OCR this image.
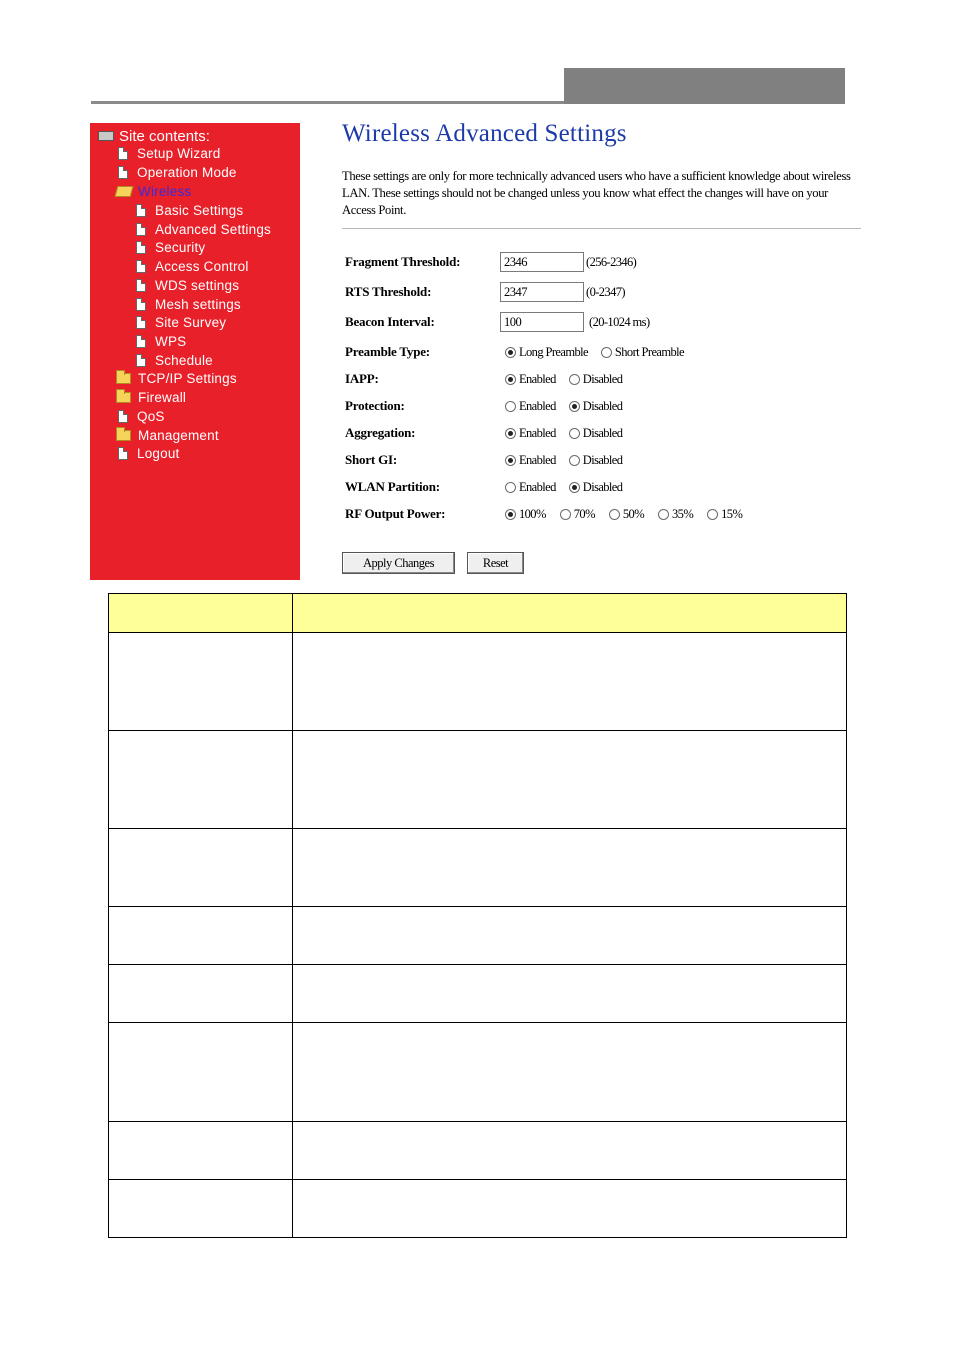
Site contents:
Setup Wizard
Operation Mode
Wireless
Basic Settings
Advanced Settings
Security
Access Control
WDS settings
Mesh settings
Site Survey
WPS
Schedule
TCP/IP Settings
Firewall
QoS
Management
Logout
Wireless Advanced Settings
These settings are only for more technically advanced users who have a sufficient knowledge about wireless LAN. These settings should not be changed unless you know what effect the changes will have on your Access Point.
Fragment Threshold:	2346	(256-2346)
RTS Threshold:	2347	(0-2347)
Beacon Interval:	100	(20-1024 ms)
Preamble Type:	Long Preamble Short Preamble
IAPP:	Enabled Disabled
Protection:	Enabled Disabled
Aggregation:	Enabled Disabled
Short GI:	Enabled Disabled
WLAN Partition:	Enabled Disabled
RF Output Power:	100% 70% 50% 35% 15%
Apply Changes	Reset
